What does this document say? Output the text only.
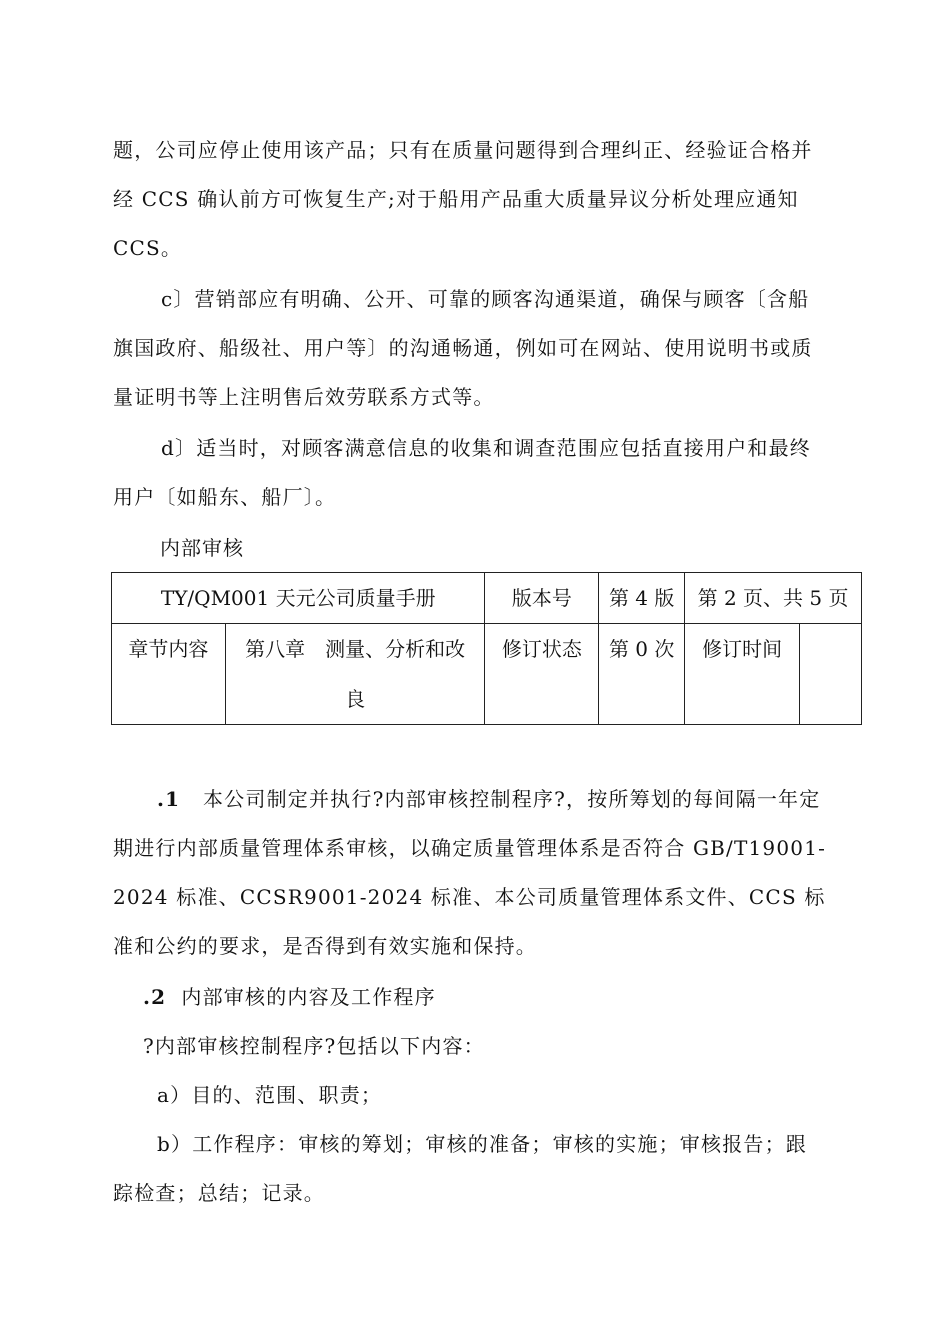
题，公司应停止使用该产品；只有在质量问题得到合理纠正、经验证合格并
经 CCS 确认前方可恢复生产;对于船用产品重大质量异议分析处理应通知
CCS。
c〕营销部应有明确、公开、可靠的顾客沟通渠道，确保与顾客〔含船
旗国政府、船级社、用户等〕的沟通畅通，例如可在网站、使用说明书或质
量证明书等上注明售后效劳联系方式等。
d〕适当时，对顾客满意信息的收集和调查范围应包括直接用户和最终
用户〔如船东、船厂〕。
内部审核
TY/QM001 天元公司质量手册		版本号	第 4 版	第 2 页、共 5 页	
章节内容	第八章　测量、分析和改
良	修订状态	第 0 次	修订时间	
.1 本公司制定并执行?内部审核控制程序?，按所筹划的每间隔一年定
期进行内部质量管理体系审核，以确定质量管理体系是否符合 GB/T19001-
2024 标准、CCSR9001-2024 标准、本公司质量管理体系文件、CCS 标
准和公约的要求，是否得到有效实施和保持。
.2 内部审核的内容及工作程序
?内部审核控制程序?包括以下内容：
a）目的、范围、职责；
b）工作程序：审核的筹划；审核的准备；审核的实施；审核报告；跟
踪检查；总结；记录。
